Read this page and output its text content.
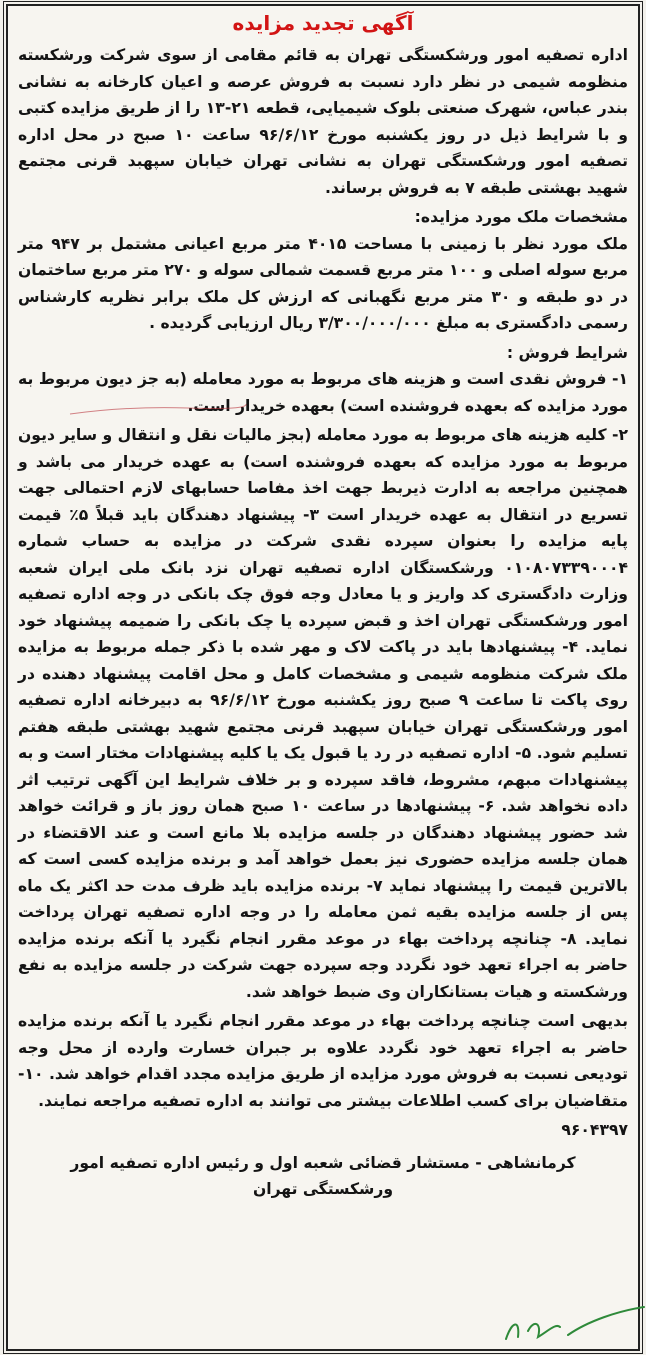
آگهی تجدید مزایده

اداره تصفیه امور ورشکستگی تهران به قائم مقامی از سوی شرکت ورشکسته منظومه شیمی در نظر دارد نسبت به فروش عرصه و اعیان کارخانه به نشانی بندر عباس، شهرک صنعتی بلوک شیمیایی، قطعه ۲۱-۱۳ را از طریق مزایده کتبی و با شرایط ذیل در روز یکشنبه مورخ ۹۶/۶/۱۲ ساعت ۱۰ صبح در محل اداره تصفیه امور ورشکستگی تهران به نشانی تهران خیابان سپهبد قرنی مجتمع شهید بهشتی طبقه ۷ به فروش برساند.

مشخصات ملک مورد مزایده:

ملک مورد نظر با زمینی با مساحت ۴۰۱۵ متر مربع اعیانی مشتمل بر ۹۴۷ متر مربع سوله اصلی و ۱۰۰ متر مربع قسمت شمالی سوله و ۲۷۰ متر مربع ساختمان در دو طبقه و ۳۰ متر مربع نگهبانی که ارزش کل ملک برابر نظریه کارشناس رسمی دادگستری به مبلغ ۳/۳۰۰/۰۰۰/۰۰۰ ریال ارزیابی گردیده .

شرایط فروش :

۱- فروش نقدی است و هزینه های مربوط به مورد معامله (به جز دیون مربوط به مورد مزایده که بعهده فروشنده است) بعهده خریدار است.

۲- کلیه هزینه های مربوط به مورد معامله (بجز مالیات نقل و انتقال و سایر دیون مربوط به مورد مزایده که بعهده فروشنده است) به عهده خریدار می باشد و همچنین مراجعه به ادارت ذیربط جهت اخذ مفاصا حسابهای لازم احتمالی جهت تسریع در انتقال به عهده خریدار است ۳- پیشنهاد دهندگان باید قبلاً ۵٪ قیمت پایه مزایده را بعنوان سپرده نقدی شرکت در مزایده به حساب شماره ۰۱۰۸۰۷۳۳۹۰۰۰۴ ورشکستگان اداره تصفیه تهران نزد بانک ملی ایران شعبه وزارت دادگستری کد واریز و یا معادل وجه فوق چک بانکی در وجه اداره تصفیه امور ورشکستگی تهران اخذ و قبض سپرده یا چک بانکی را ضمیمه پیشنهاد خود نماید. ۴- پیشنهادها باید در پاکت لاک و مهر شده با ذکر جمله مربوط به مزایده ملک شرکت منظومه شیمی و مشخصات کامل و محل اقامت پیشنهاد دهنده در روی پاکت تا ساعت ۹ صبح روز یکشنبه مورخ ۹۶/۶/۱۲ به دبیرخانه اداره تصفیه امور ورشکستگی تهران خیابان سپهبد قرنی مجتمع شهید بهشتی طبقه هفتم تسلیم شود. ۵- اداره تصفیه در رد یا قبول یک یا کلیه پیشنهادات مختار است و به پیشنهادات مبهم، مشروط، فاقد سپرده و بر خلاف شرایط این آگهی ترتیب اثر داده نخواهد شد. ۶- پیشنهادها در ساعت ۱۰ صبح همان روز باز و قرائت خواهد شد حضور پیشنهاد دهندگان در جلسه مزایده بلا مانع است و عند الاقتضاء در همان جلسه مزایده حضوری نیز بعمل خواهد آمد و برنده مزایده کسی است که بالاترین قیمت را پیشنهاد نماید ۷- برنده مزایده باید ظرف مدت حد اکثر یک ماه پس از جلسه مزایده بقیه ثمن معامله را در وجه اداره تصفیه تهران پرداخت نماید. ۸- چنانچه پرداخت بهاء در موعد مقرر انجام نگیرد یا آنکه برنده مزایده حاضر به اجراء تعهد خود نگردد وجه سپرده جهت شرکت در جلسه مزایده به نفع ورشکسته و هیات بستانکاران وی ضبط خواهد شد.

بدیهی است چنانچه پرداخت بهاء در موعد مقرر انجام نگیرد یا آنکه برنده مزایده حاضر به اجراء تعهد خود نگردد علاوه بر جبران خسارت وارده از محل وجه تودیعی نسبت به فروش مورد مزایده از طریق مزایده مجدد اقدام خواهد شد. ۱۰- متقاضیان برای کسب اطلاعات بیشتر می توانند به اداره تصفیه مراجعه نمایند.

۹۶۰۴۳۹۷

کرمانشاهی - مستشار قضائی شعبه اول و رئیس اداره تصفیه امور
ورشکستگی تهران
